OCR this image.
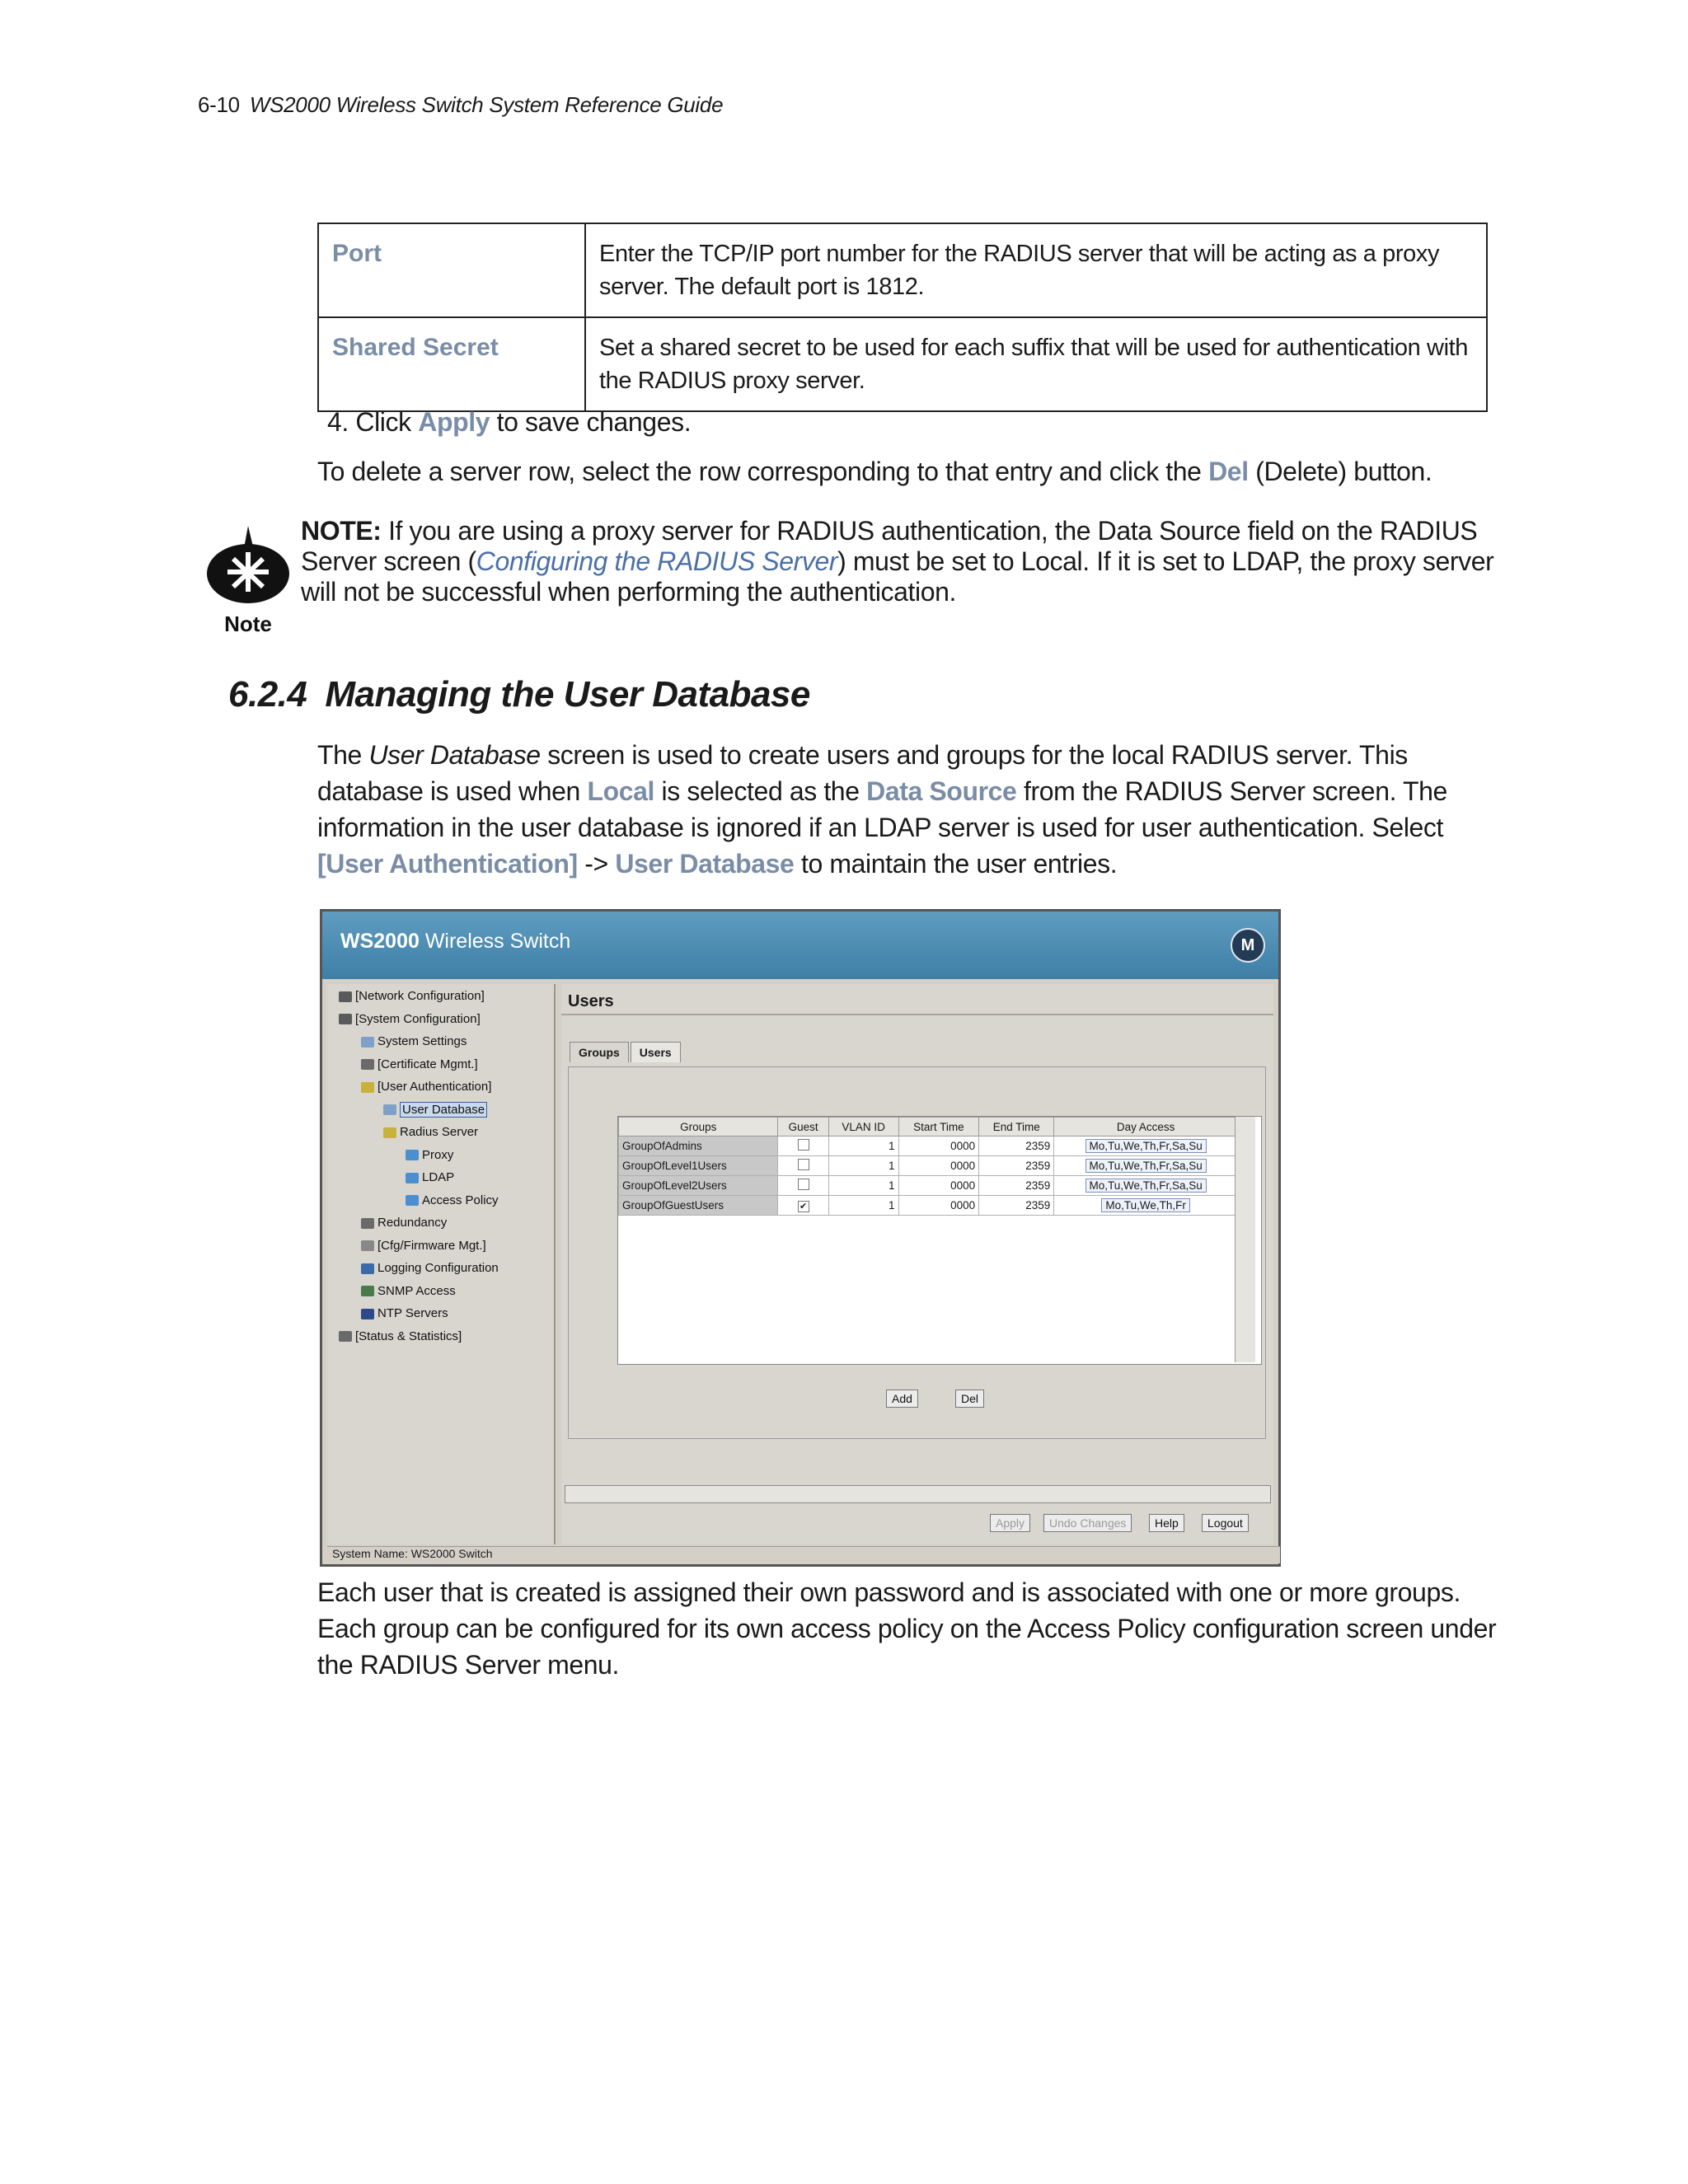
6-10 WS2000 Wireless Switch System Reference Guide
Port	Enter the TCP/IP port number for the RADIUS server that will be acting as a proxy server. The default port is 1812.
Shared Secret	Set a shared secret to be used for each suffix that will be used for authentication with the RADIUS proxy server.
4. Click Apply to save changes.
To delete a server row, select the row corresponding to that entry and click the Del (Delete) button.
Note
NOTE: If you are using a proxy server for RADIUS authentication, the Data Source field on the RADIUS Server screen (Configuring the RADIUS Server) must be set to Local. If it is set to LDAP, the proxy server will not be successful when performing the authentication.
6.2.4 Managing the User Database
The User Database screen is used to create users and groups for the local RADIUS server. This database is used when Local is selected as the Data Source from the RADIUS Server screen. The information in the user database is ignored if an LDAP server is used for user authentication. Select [User Authentication] -> User Database to maintain the user entries.
WS2000 Wireless Switch	M
[Network Configuration]
[System Configuration]
System Settings
[Certificate Mgmt.]
[User Authentication]
User Database
Radius Server
Proxy
LDAP
Access Policy
Redundancy
[Cfg/Firmware Mgt.]
Logging Configuration
SNMP Access
NTP Servers
[Status & Statistics]
Users
Groups Users
Groups	Guest	VLAN ID	Start Time	End Time	Day Access
GroupOfAdmins		1	0000	2359	Mo,Tu,We,Th,Fr,Sa,Su
GroupOfLevel1Users		1	0000	2359	Mo,Tu,We,Th,Fr,Sa,Su
GroupOfLevel2Users		1	0000	2359	Mo,Tu,We,Th,Fr,Sa,Su
GroupOfGuestUsers	✔	1	0000	2359	Mo,Tu,We,Th,Fr
Add	Del
Apply	Undo Changes	Help	Logout
System Name: WS2000 Switch
Each user that is created is assigned their own password and is associated with one or more groups. Each group can be configured for its own access policy on the Access Policy configuration screen under the RADIUS Server menu.
